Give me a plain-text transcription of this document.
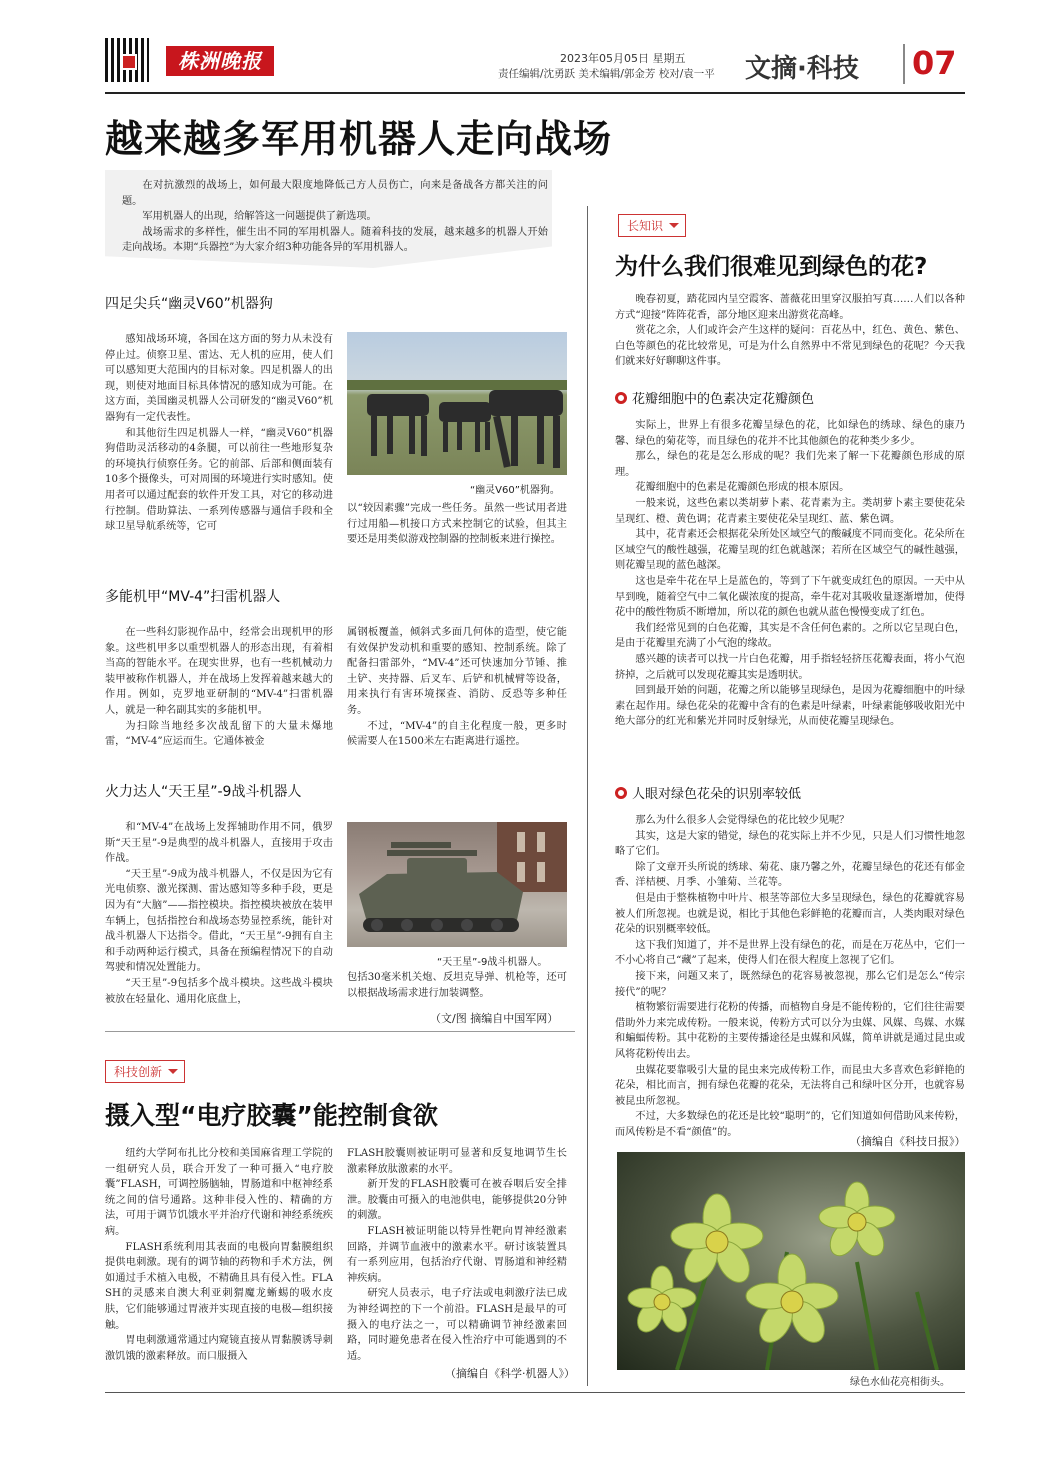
株洲晚报	2023年05月05日 星期五
责任编辑/沈勇跃 美术编辑/郭金芳 校对/袁一平 文摘·科技 07
越来越多军用机器人走向战场

在对抗激烈的战场上，如何最大限度地降低己方人员伤亡，向来是备战各方都关注的问题。

军用机器人的出现，给解答这一问题提供了新选项。

战场需求的多样性，催生出不同的军用机器人。随着科技的发展，越来越多的机器人开始走向战场。本期“兵器控”为大家介绍3种功能各异的军用机器人。

四足尖兵“幽灵V60”机器狗

感知战场环境，各国在这方面的努力从未没有停止过。侦察卫星、雷达、无人机的应用，使人们可以感知更大范围内的目标对象。四足机器人的出现，则使对地面目标具体情况的感知成为可能。在这方面，美国幽灵机器人公司研发的“幽灵V60”机器狗有一定代表性。

和其他衍生四足机器人一样，“幽灵V60”机器狗借助灵活移动的4条腿，可以前往一些地形复杂的环境执行侦察任务。它的前部、后部和侧面装有10多个摄像头，可对周围的环境进行实时感知。使用者可以通过配套的软件开发工具，对它的移动进行控制。借助算法、一系列传感器与通信手段和全球卫星导航系统等，它可

“幽灵V60”机器狗。

以“较因素骤”完成一些任务。虽然一些试用者进行过用船—机接口方式来控制它的试验，但其主要还是用类似游戏控制器的控制板来进行操控。

多能机甲“MV-4”扫雷机器人

在一些科幻影视作品中，经常会出现机甲的形象。这些机甲多以重型机器人的形态出现，有着相当高的智能水平。在现实世界，也有一些机械动力装甲被称作机器人，并在战场上发挥着越来越大的作用。例如，克罗地亚研制的“MV-4”扫雷机器人，就是一种名副其实的多能机甲。

为扫除当地经多次战乱留下的大量未爆地雷，“MV-4”应运而生。它通体被金

属钢板覆盖，倾斜式多面几何体的造型，使它能有效保护发动机和重要的感知、控制系统。除了配备扫雷部外，“MV-4”还可快速加分节锤、推土铲、夹持器、后叉车、后铲和机械臂等设备，用来执行有害环境探查、消防、反恐等多种任务。

不过，“MV-4”的自主化程度一般，更多时候需要人在1500米左右距离进行遥控。

火力达人“天王星”-9战斗机器人

和“MV-4”在战场上发挥辅助作用不同，俄罗斯“天王星”-9是典型的战斗机器人，直接用于攻击作战。

“天王星”-9成为战斗机器人，不仅是因为它有光电侦察、激光探测、雷达感知等多种手段，更是因为有“大脑”——指控模块。指控模块被放在装甲车辆上，包括指控台和战场态势显控系统，能针对战斗机器人下达指令。借此，“天王星”-9拥有自主和手动两种运行模式，具备在预编程情况下的自动驾驶和情况处置能力。

“天王星”-9包括多个战斗模块。这些战斗模块被放在轻量化、通用化底盘上，

“天王星”-9战斗机器人。

包括30毫米机关炮、反坦克导弹、机枪等，还可以根据战场需求进行加装调整。

（文/图 摘编自中国军网）
科技创新
摄入型“电疗胶囊”能控制食欲

纽约大学阿布扎比分校和美国麻省理工学院的一组研究人员，联合开发了一种可摄入“电疗胶囊”FLASH，可调控肠脑轴，胃肠道和中枢神经系统之间的信号通路。这种非侵入性的、精确的方法，可用于调节饥饿水平并治疗代谢和神经系统疾病。

FLASH系统利用其表面的电极向胃黏膜组织提供电刺激。现有的调节轴的药物和手术方法，例如通过手术植入电极，不精确且具有侵入性。FLASH的灵感来自澳大利亚刺猬魔龙蜥蜴的吸水皮肤，它们能够通过胃液并实现直接的电极—组织接触。

胃电刺激通常通过内窥镜直接从胃黏膜诱导刺激饥饿的激素释放。而口服摄入

FLASH胶囊则被证明可显著和反复地调节生长激素释放肽激素的水平。

新开发的FLASH胶囊可在被吞咽后安全排泄。胶囊由可摄入的电池供电，能够提供20分钟的刺激。

FLASH被证明能以特异性靶向胃神经激素回路，并调节血液中的激素水平。研讨该装置具有一系列应用，包括治疗代谢、胃肠道和神经精神疾病。

研究人员表示，电子疗法或电刺激疗法已成为神经调控的下一个前沿。FLASH是最早的可摄入的电疗法之一，可以精确调节神经激素回路，同时避免患者在侵入性治疗中可能遇到的不适。

（摘编自《科学·机器人》）
长知识
为什么我们很难见到绿色的花?

晚春初夏，踏花园内呈空霞客、蔷薇花田里穿汉服拍写真……人们以各种方式“迎接”阵阵花香，部分地区迎来出游赏花高峰。

赏花之余，人们或许会产生这样的疑问：百花丛中，红色、黄色、紫色、白色等颜色的花比较常见，可是为什么自然界中不常见到绿色的花呢？今天我们就来好好聊聊这件事。

花瓣细胞中的色素决定花瓣颜色

实际上，世界上有很多花瓣呈绿色的花，比如绿色的绣球、绿色的康乃馨、绿色的菊花等，而且绿色的花并不比其他颜色的花种类少多少。

那么，绿色的花是怎么形成的呢？我们先来了解一下花瓣颜色形成的原理。

花瓣细胞中的色素是花瓣颜色形成的根本原因。

一般来说，这些色素以类胡萝卜素、花青素为主。类胡萝卜素主要使花朵呈现红、橙、黄色调；花青素主要使花朵呈现红、蓝、紫色调。

其中，花青素还会根据花朵所处区域空气的酸碱度不同而变化。花朵所在区域空气的酸性越强，花瓣呈现的红色就越深；若所在区域空气的碱性越强，则花瓣呈现的蓝色越深。

这也是牵牛花在早上是蓝色的，等到了下午就变成红色的原因。一天中从早到晚，随着空气中二氧化碳浓度的提高，牵牛花对其吸收量逐渐增加，使得花中的酸性物质不断增加，所以花的颜色也就从蓝色慢慢变成了红色。

我们经常见到的白色花瓣，其实是不含任何色素的。之所以它呈现白色，是由于花瓣里充满了小气泡的缘故。

感兴趣的读者可以找一片白色花瓣，用手指轻轻挤压花瓣表面，将小气泡挤掉，之后就可以发现花瓣其实是透明状。

回到最开始的问题，花瓣之所以能够呈现绿色，是因为花瓣细胞中的叶绿素在起作用。绿色花朵的花瓣中含有的色素是叶绿素，叶绿素能够吸收阳光中绝大部分的红光和紫光并同时反射绿光，从而使花瓣呈现绿色。

人眼对绿色花朵的识别率较低

那么为什么很多人会觉得绿色的花比较少见呢？

其实，这是大家的错觉，绿色的花实际上并不少见，只是人们习惯性地忽略了它们。

除了文章开头所说的绣球、菊花、康乃馨之外，花瓣呈绿色的花还有郁金香、洋桔梗、月季、小雏菊、兰花等。

但是由于整株植物中叶片、根茎等部位大多呈现绿色，绿色的花瓣就容易被人们所忽视。也就是说，相比于其他色彩鲜艳的花瓣而言，人类肉眼对绿色花朵的识别概率较低。

这下我们知道了，并不是世界上没有绿色的花，而是在万花丛中，它们一不小心将自己“藏”了起来，使得人们在很大程度上忽视了它们。

接下来，问题又来了，既然绿色的花容易被忽视，那么它们是怎么“传宗接代”的呢？

植物繁衍需要进行花粉的传播，而植物自身是不能传粉的，它们往往需要借助外力来完成传粉。一般来说，传粉方式可以分为虫媒、风媒、鸟媒、水媒和蝙蝠传粉。其中花粉的主要传播途径是虫媒和风媒，简单讲就是通过昆虫或风将花粉传出去。

虫媒花要靠吸引大量的昆虫来完成传粉工作，而昆虫大多喜欢色彩鲜艳的花朵，相比而言，拥有绿色花瓣的花朵，无法将自己和绿叶区分开，也就容易被昆虫所忽视。

不过，大多数绿色的花还是比较“聪明”的，它们知道如何借助风来传粉，而风传粉是不看“颜值”的。

（摘编自《科技日报》）
绿色水仙花亮相街头。
